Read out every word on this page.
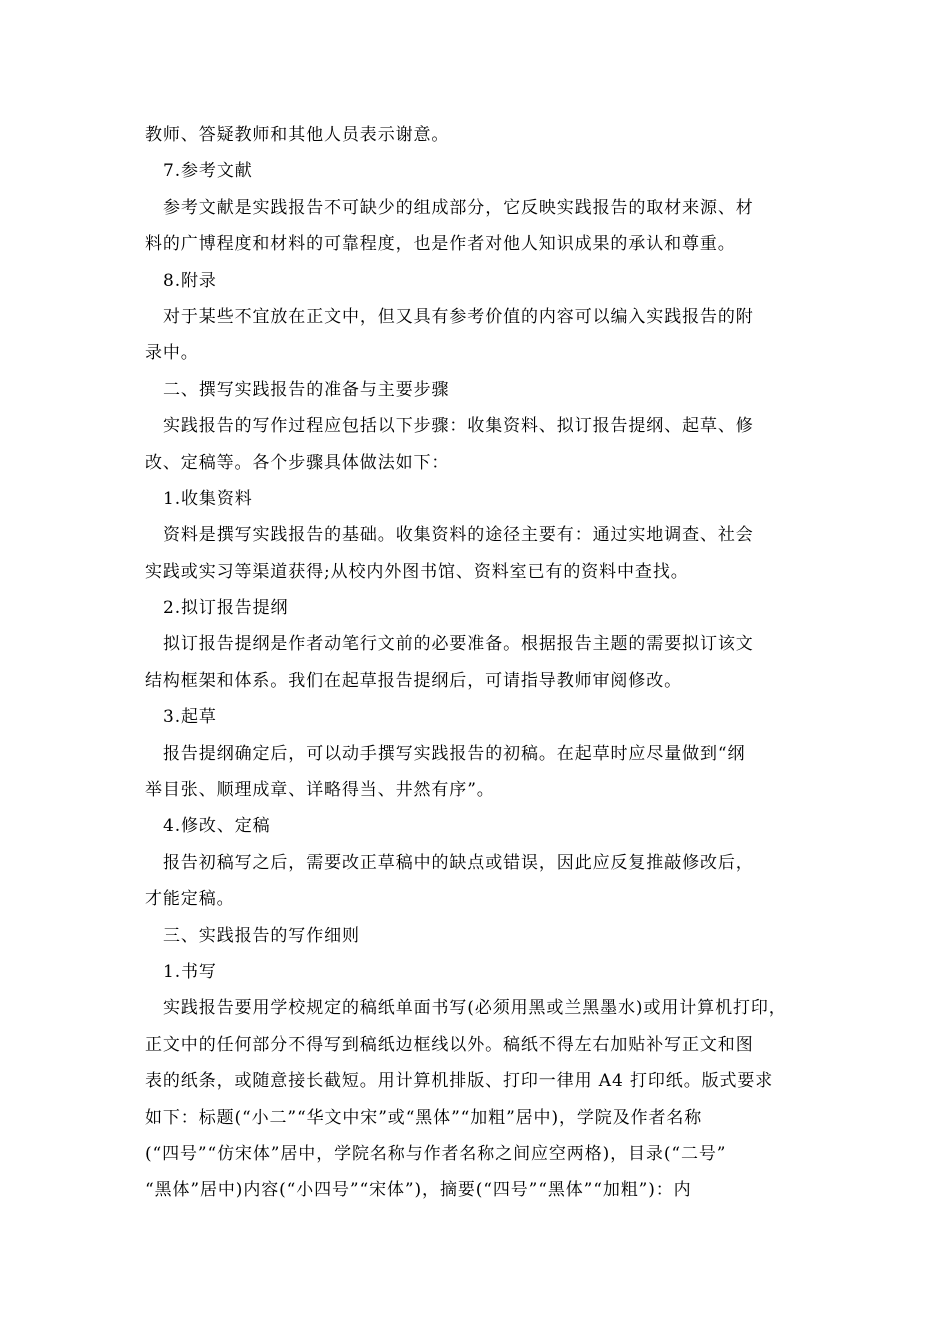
教师、答疑教师和其他人员表示谢意。
7.参考文献
参考文献是实践报告不可缺少的组成部分，它反映实践报告的取材来源、材
料的广博程度和材料的可靠程度，也是作者对他人知识成果的承认和尊重。
8.附录
对于某些不宜放在正文中，但又具有参考价值的内容可以编入实践报告的附
录中。
二、撰写实践报告的准备与主要步骤
实践报告的写作过程应包括以下步骤：收集资料、拟订报告提纲、起草、修
改、定稿等。各个步骤具体做法如下：
1.收集资料
资料是撰写实践报告的基础。收集资料的途径主要有：通过实地调查、社会
实践或实习等渠道获得;从校内外图书馆、资料室已有的资料中查找。
2.拟订报告提纲
拟订报告提纲是作者动笔行文前的必要准备。根据报告主题的需要拟订该文
结构框架和体系。我们在起草报告提纲后，可请指导教师审阅修改。
3.起草
报告提纲确定后，可以动手撰写实践报告的初稿。在起草时应尽量做到“纲
举目张、顺理成章、详略得当、井然有序”。
4.修改、定稿
报告初稿写之后，需要改正草稿中的缺点或错误，因此应反复推敲修改后，
才能定稿。
三、实践报告的写作细则
1.书写
实践报告要用学校规定的稿纸单面书写(必须用黑或兰黑墨水)或用计算机打印，
正文中的任何部分不得写到稿纸边框线以外。稿纸不得左右加贴补写正文和图
表的纸条，或随意接长截短。用计算机排版、打印一律用 A4 打印纸。版式要求
如下：标题(“小二”“华文中宋”或“黑体”“加粗”居中)，学院及作者名称
(“四号”“仿宋体”居中，学院名称与作者名称之间应空两格)，目录(“二号”
“黑体”居中)内容(“小四号”“宋体”)，摘要(“四号”“黑体”“加粗”)：内
